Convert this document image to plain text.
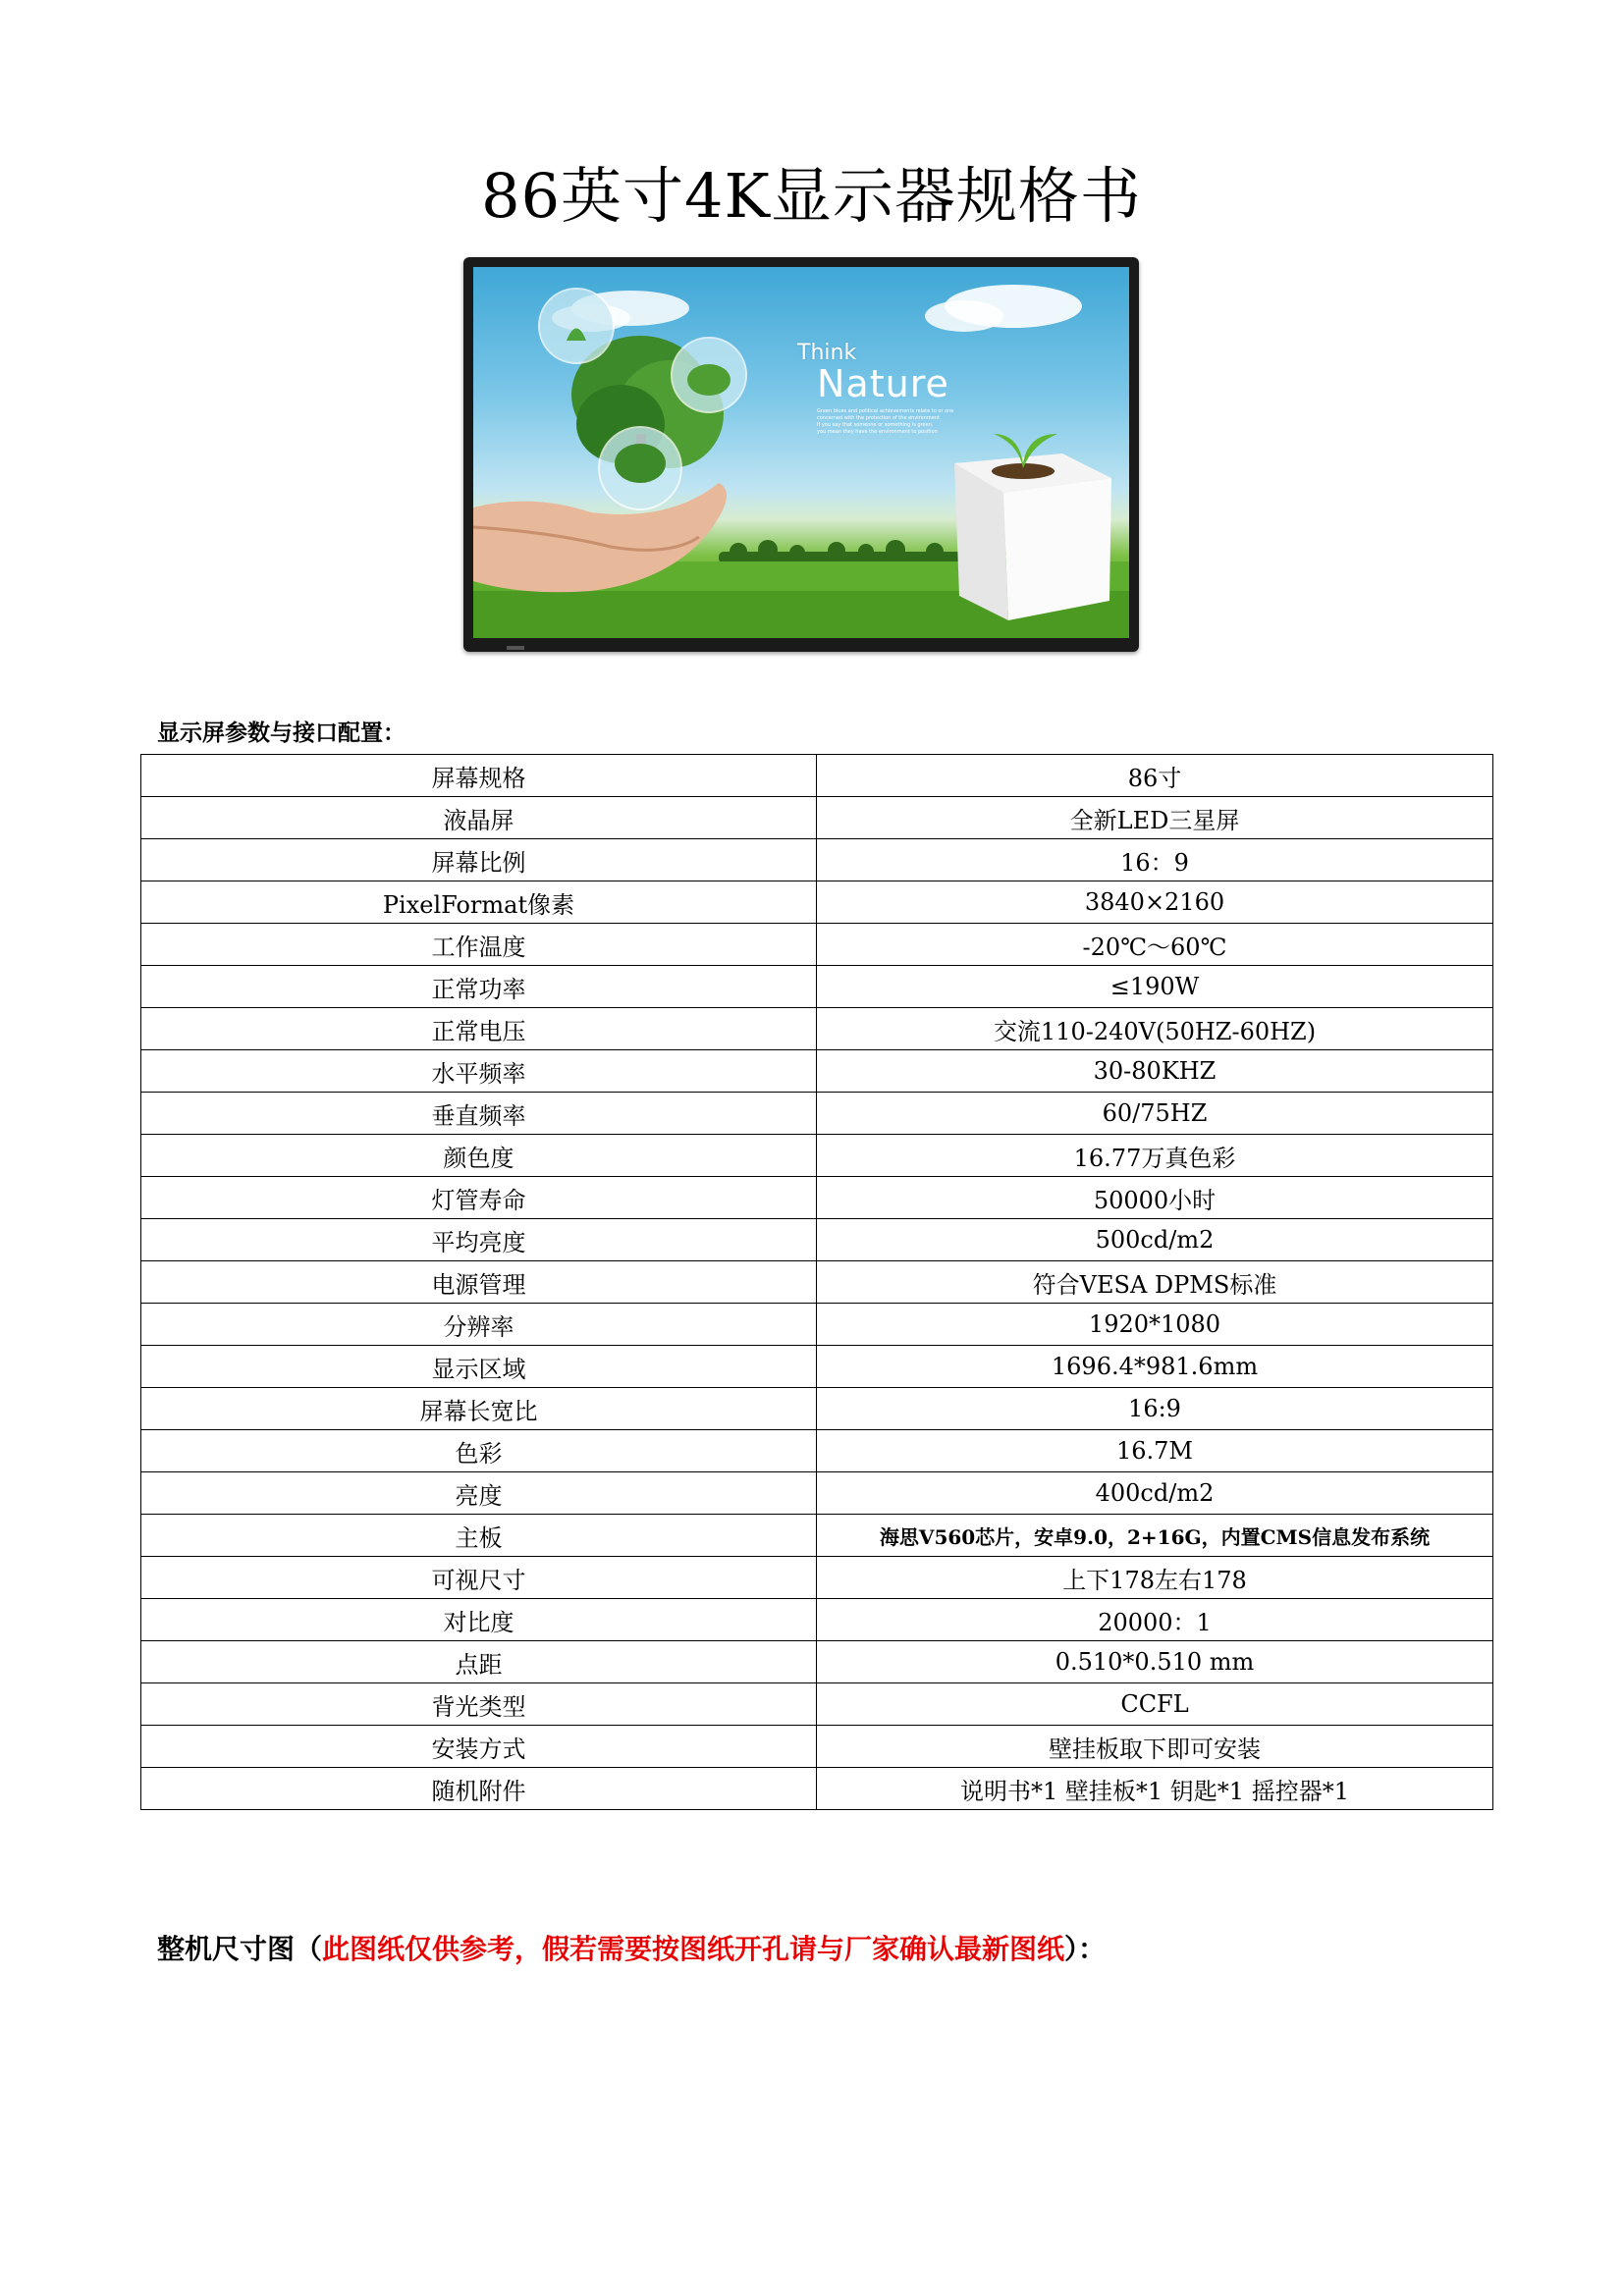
86英寸4K显示器规格书
Think
Nature
Green blues and political achievements relate to or one
concerned with the protection of the environment
If you say that someone or something is green,
you mean they have the environment to position
显示屏参数与接口配置：
屏幕规格	86寸
液晶屏	全新LED三星屏
屏幕比例	16：9
PixelFormat像素	3840×2160
工作温度	-20℃～60℃
正常功率	≤190W
正常电压	交流110-240V(50HZ-60HZ)
水平频率	30-80KHZ
垂直频率	60/75HZ
颜色度	16.77万真色彩
灯管寿命	50000小时
平均亮度	500cd/m2
电源管理	符合VESA DPMS标准
分辨率	1920*1080
显示区域	1696.4*981.6mm
屏幕长宽比	16:9
色彩	16.7M
亮度	400cd/m2
主板	海思V560芯片，安卓9.0，2+16G，内置CMS信息发布系统
可视尺寸	上下178左右178
对比度	20000：1
点距	0.510*0.510 mm
背光类型	CCFL
安装方式	壁挂板取下即可安装
随机附件	说明书*1 壁挂板*1 钥匙*1 摇控器*1
整机尺寸图（此图纸仅供参考，假若需要按图纸开孔请与厂家确认最新图纸）：
